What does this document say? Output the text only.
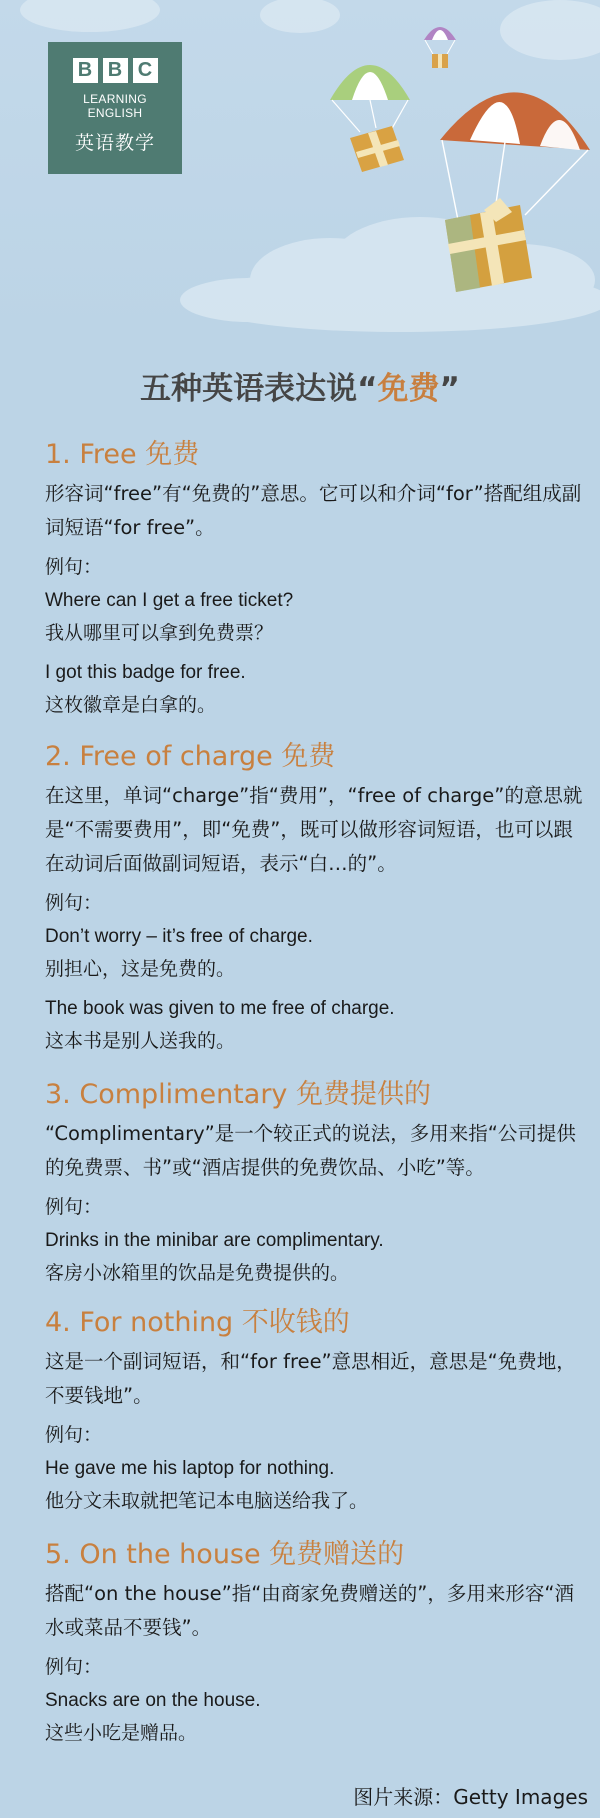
B B C
LEARNING
ENGLISH
英语教学
五种英语表达说“免费”
1. Free 免费
形容词“free”有“免费的”意思。它可以和介词“for”搭配组成副词短语“for free”。
例句：
Where can I get a free ticket?
我从哪里可以拿到免费票？
I got this badge for free.
这枚徽章是白拿的。
2. Free of charge 免费
在这里，单词“charge”指“费用”，“free of charge”的意思就是“不需要费用”，即“免费”，既可以做形容词短语，也可以跟在动词后面做副词短语，表示“白…的”。
例句：
Don’t worry – it’s free of charge.
别担心，这是免费的。
The book was given to me free of charge.
这本书是别人送我的。
3. Complimentary 免费提供的
“Complimentary”是一个较正式的说法，多用来指“公司提供的免费票、书”或“酒店提供的免费饮品、小吃”等。
例句：
Drinks in the minibar are complimentary.
客房小冰箱里的饮品是免费提供的。
4. For nothing 不收钱的
这是一个副词短语，和“for free”意思相近，意思是“免费地，不要钱地”。
例句：
He gave me his laptop for nothing.
他分文未取就把笔记本电脑送给我了。
5. On the house 免费赠送的
搭配“on the house”指“由商家免费赠送的”，多用来形容“酒水或菜品不要钱”。
例句：
Snacks are on the house.
这些小吃是赠品。
图片来源：Getty Images
